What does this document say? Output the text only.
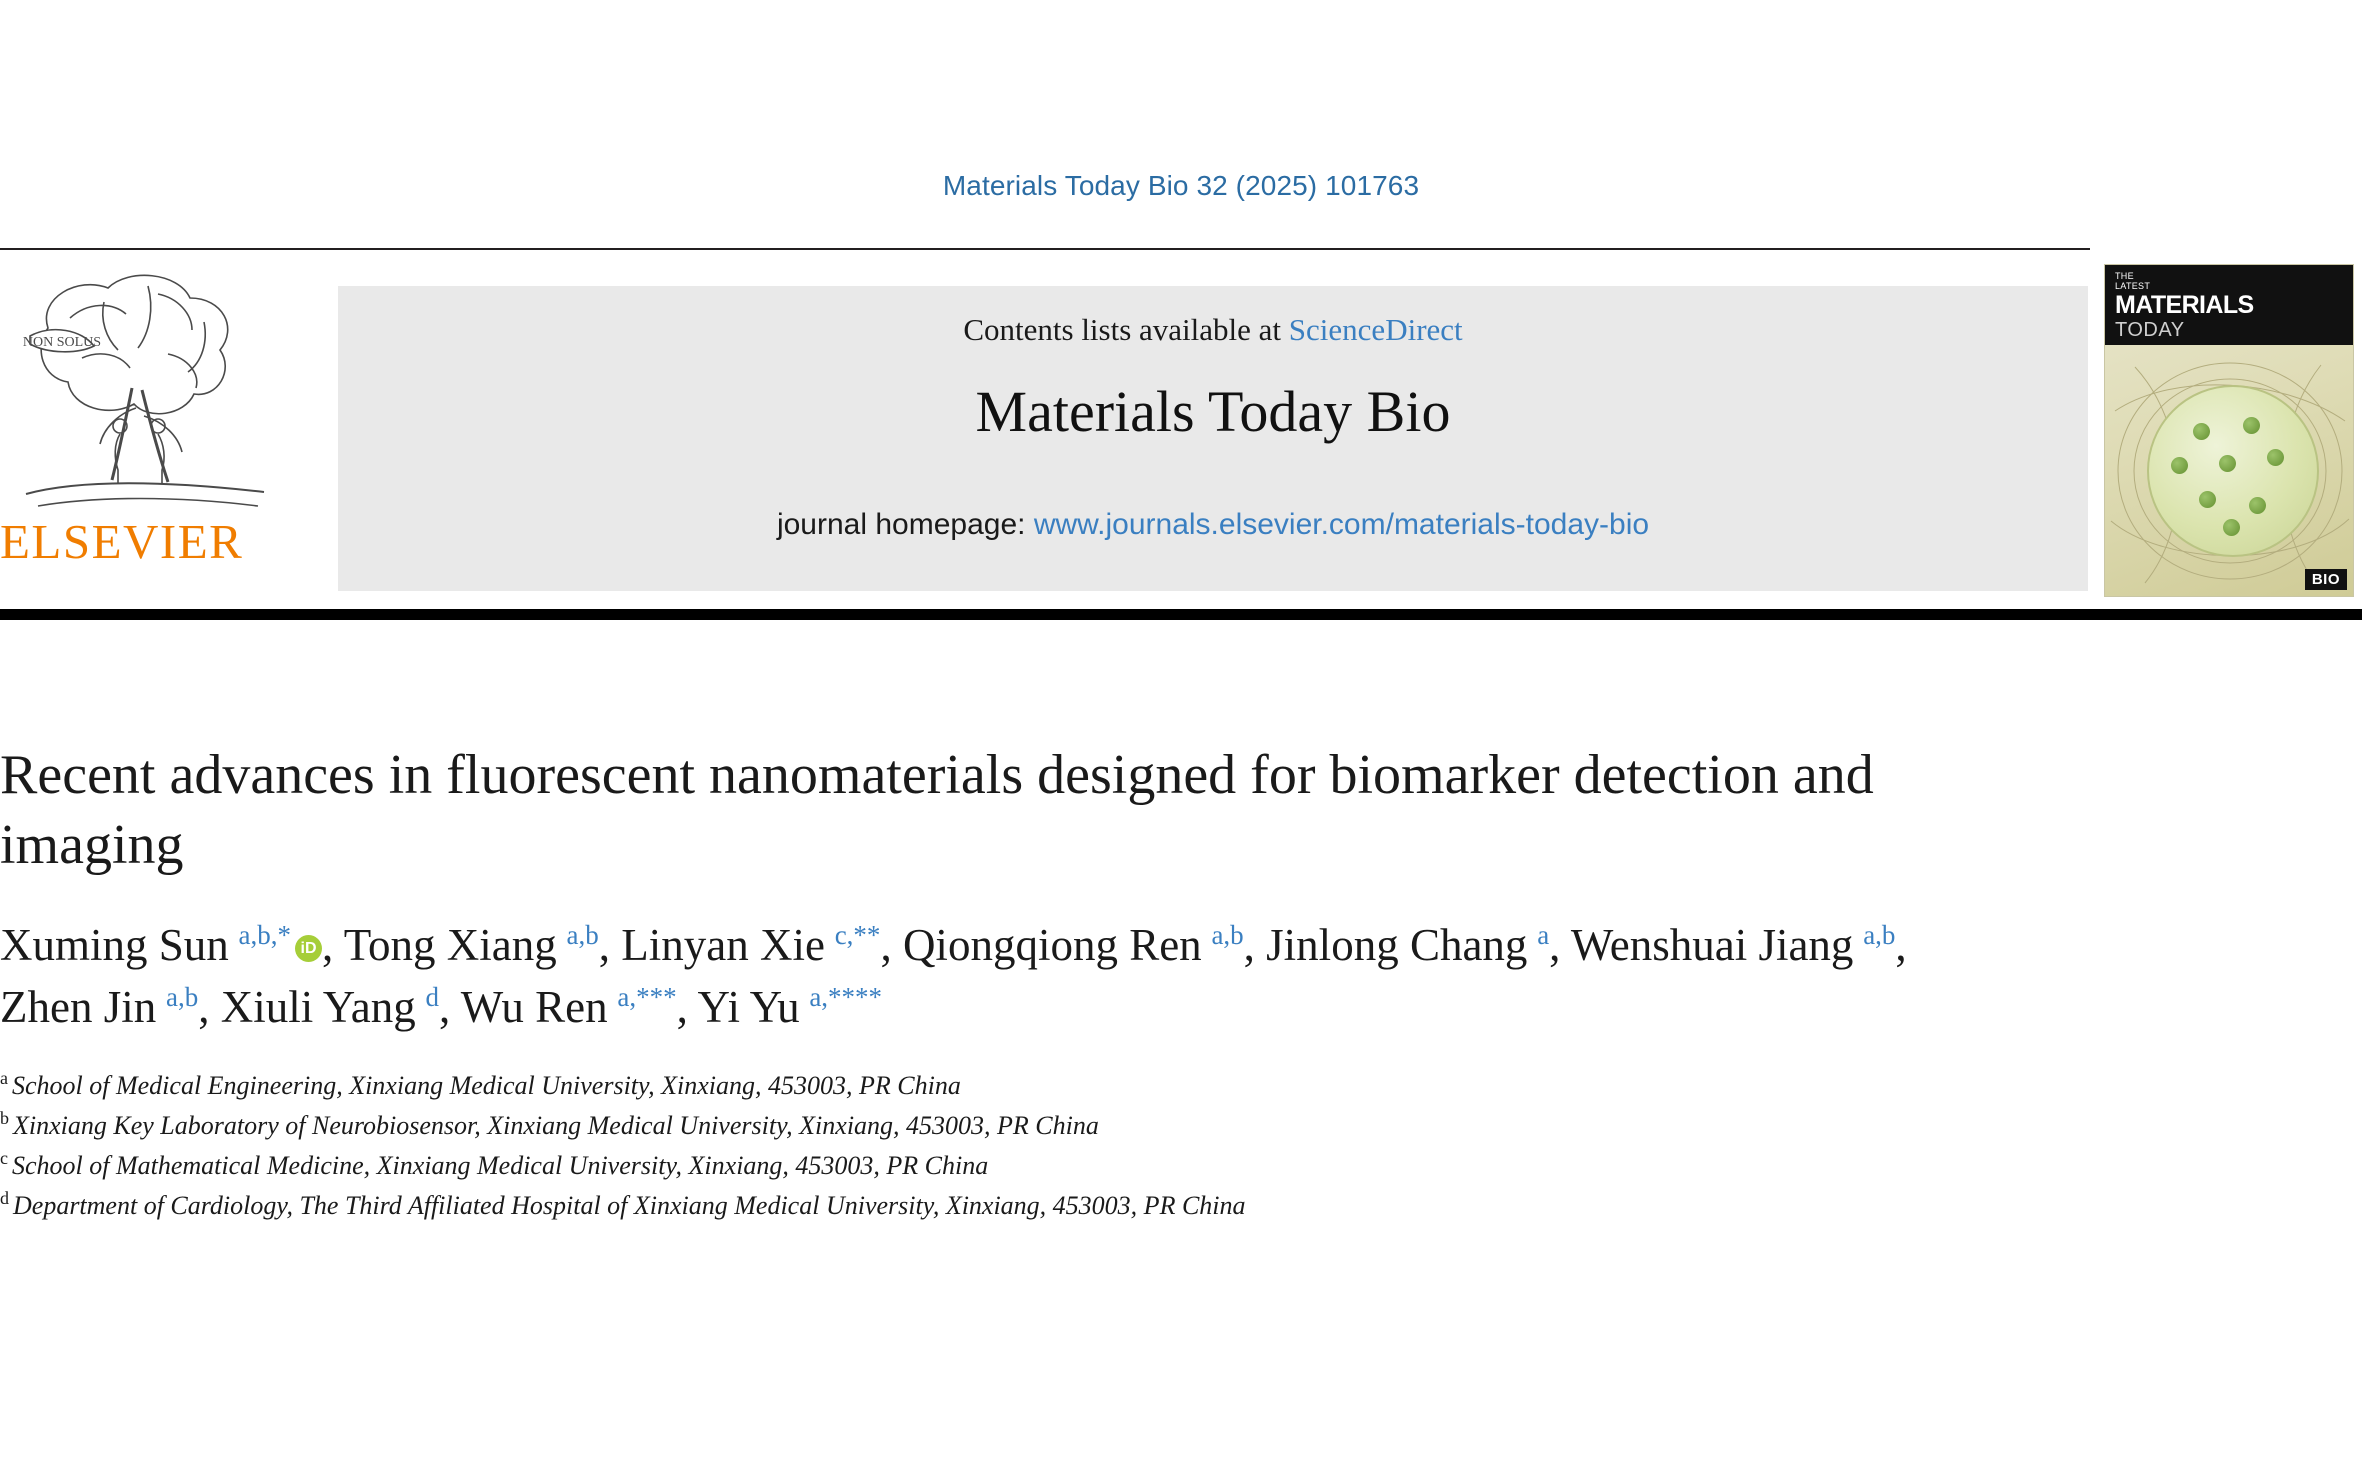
Materials Today Bio 32 (2025) 101763
NON SOLUS
ELSEVIER
Contents lists available at ScienceDirect
Materials Today Bio
journal homepage: www.journals.elsevier.com/materials-today-bio
THE
LATEST
MATERIALS
TODAY
BIO
Recent advances in fluorescent nanomaterials designed for biomarker detection and imaging
Xuming Sun $^{a,b,*}$ iD , Tong Xiang $^{a,b}$, Linyan Xie $^{c,**}$, Qiongqiong Ren $^{a,b}$, Jinlong Chang $^a$, Wenshuai Jiang $^{a,b}$, Zhen Jin $^{a,b}$, Xiuli Yang $^d$, Wu Ren $^{a,***}$, Yi Yu $^{a,****}$
$^a$ School of Medical Engineering, Xinxiang Medical University, Xinxiang, 453003, PR China
$^b$ Xinxiang Key Laboratory of Neurobiosensor, Xinxiang Medical University, Xinxiang, 453003, PR China
$^c$ School of Mathematical Medicine, Xinxiang Medical University, Xinxiang, 453003, PR China
$^d$ Department of Cardiology, The Third Affiliated Hospital of Xinxiang Medical University, Xinxiang, 453003, PR China
